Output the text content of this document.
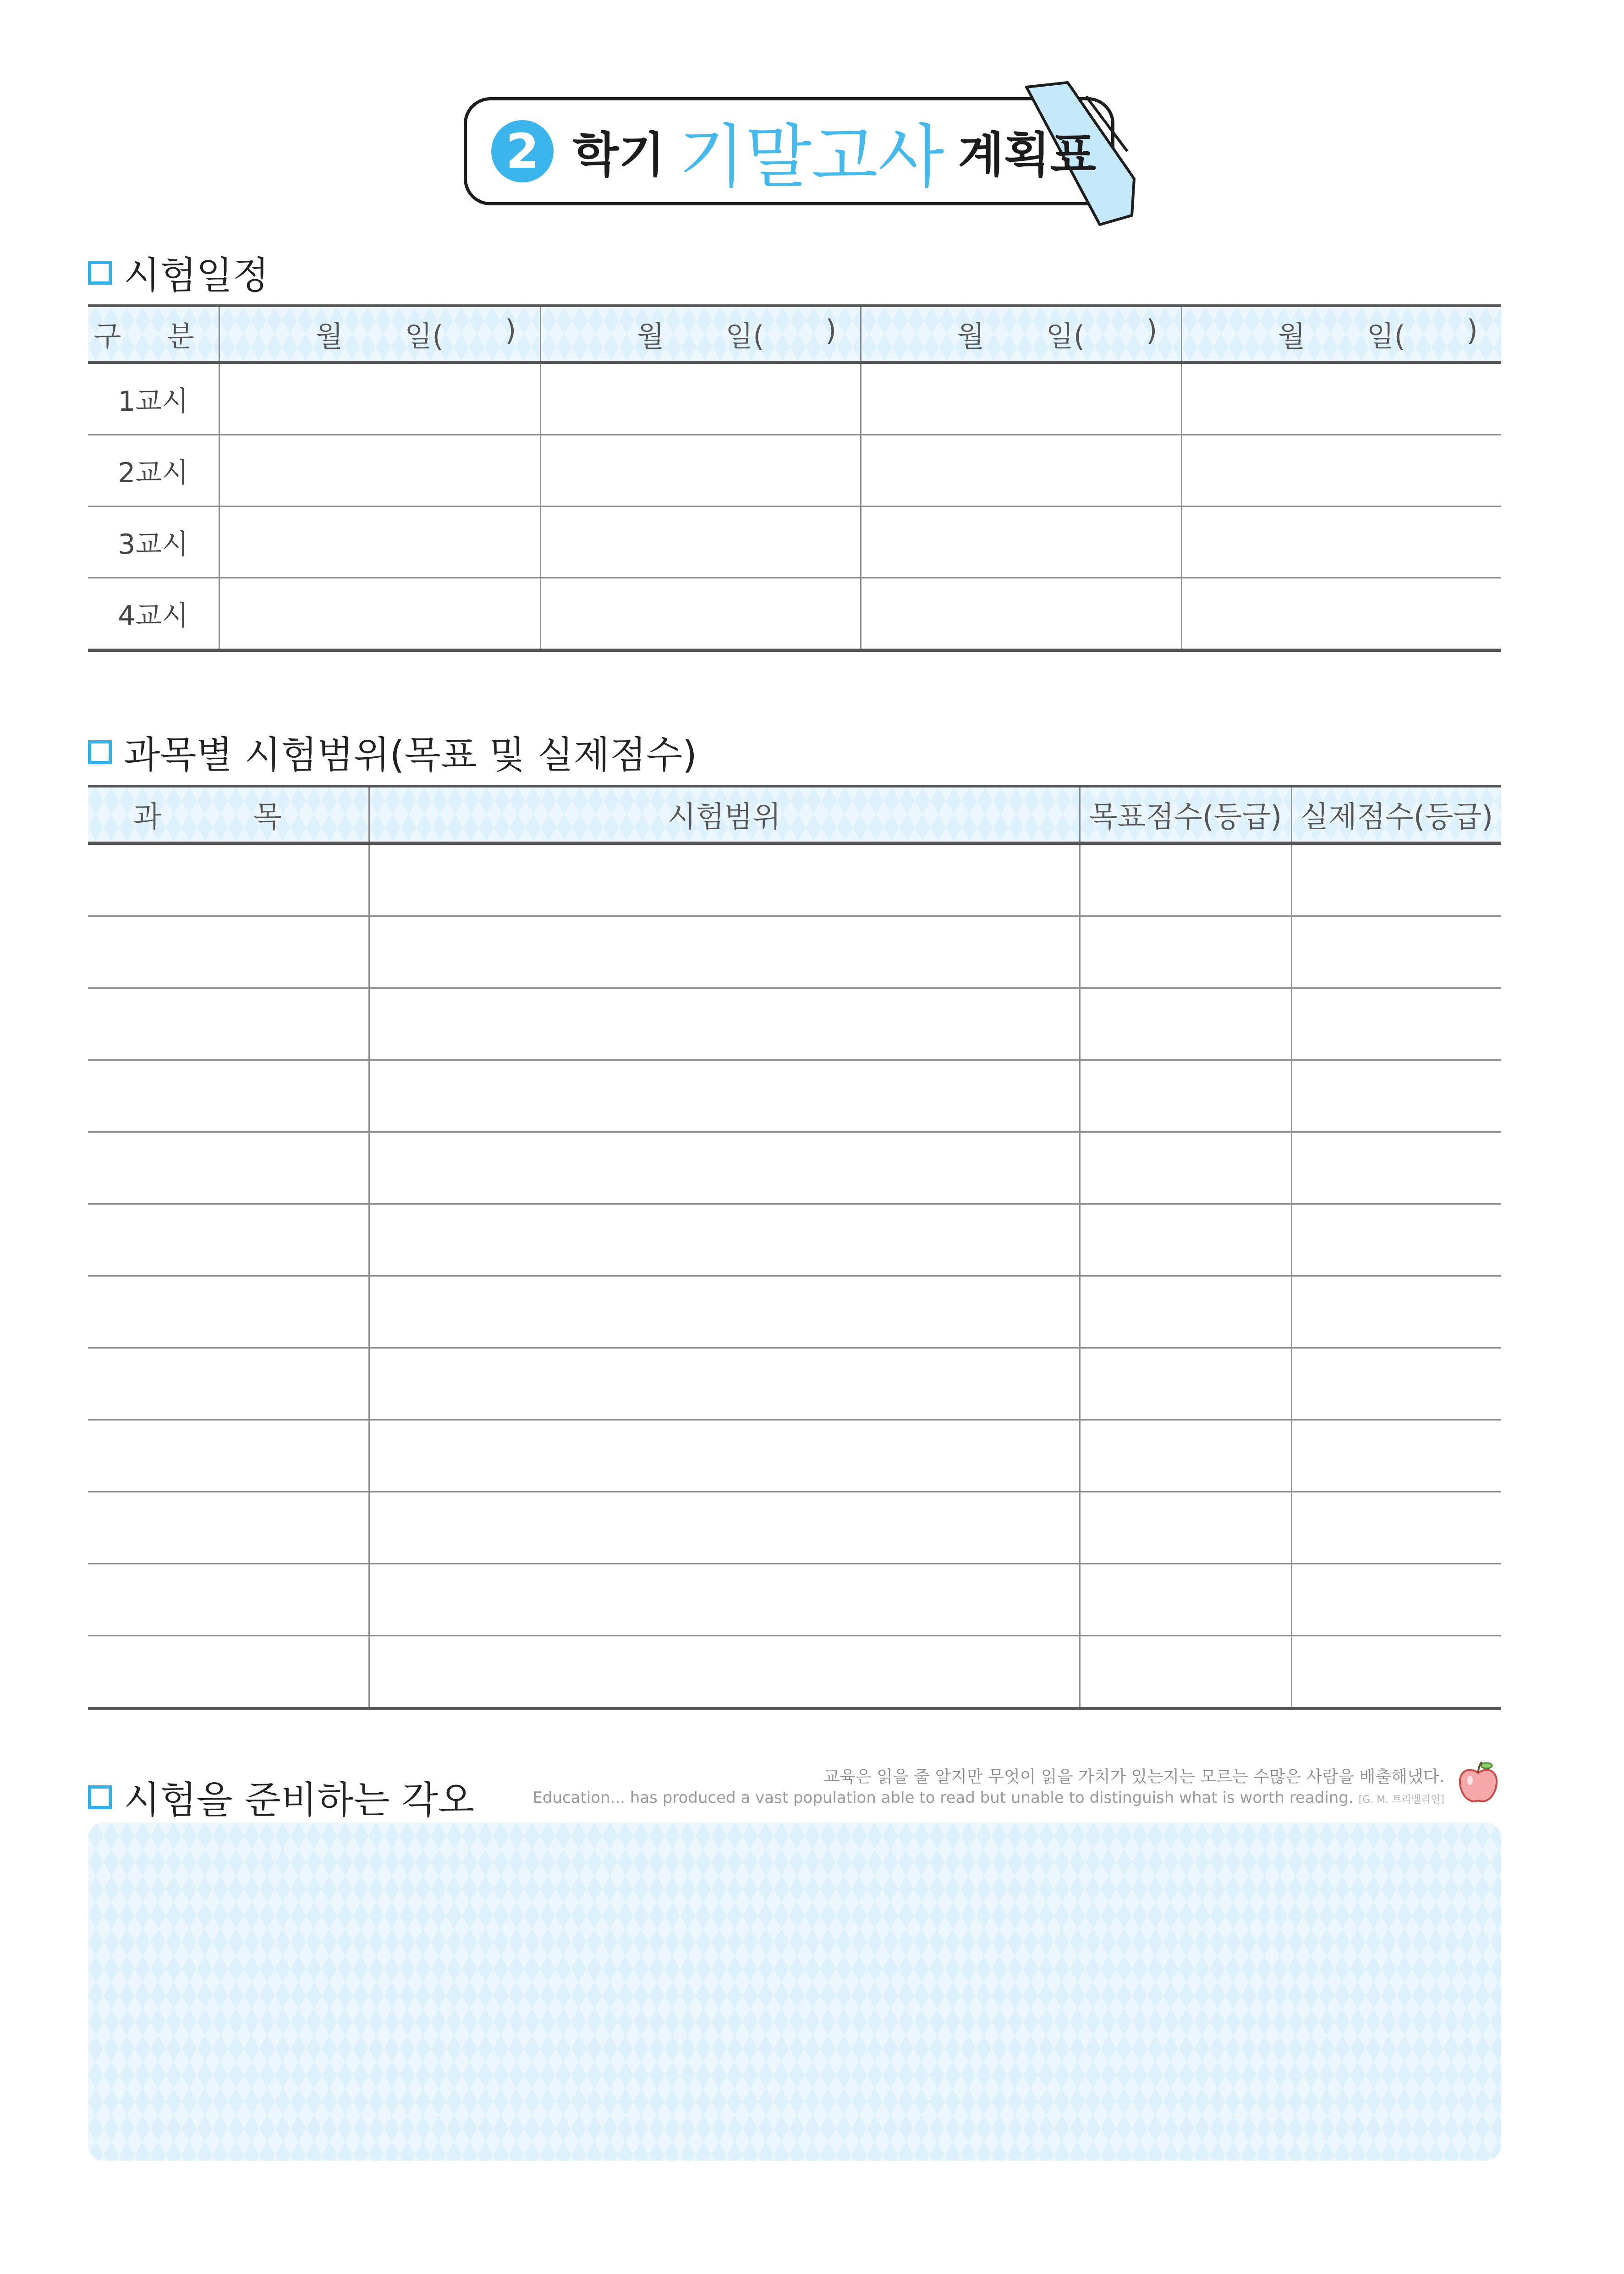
2 학기 기말고사 계획표
시험일정
구 분	월 일( )	월 일( )	월 일( )	월 일( )

1교시				
2교시				
3교시				
4교시				
과목별 시험범위(목표 및 실제점수)
과 목	시험범위	목표점수(등급)	실제점수(등급)

시험을 준비하는 각오
교육은 읽을 줄 알지만 무엇이 읽을 가치가 있는지는 모르는 수많은 사람을 배출해냈다.
Education... has produced a vast population able to read but unable to distinguish what is worth reading. [G. M. 트리벨리언]
